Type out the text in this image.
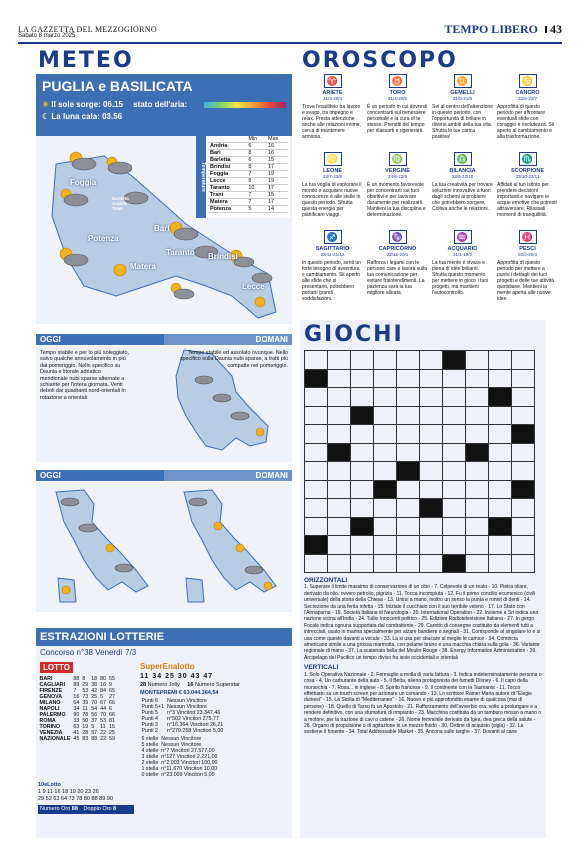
LA GAZZETTA DEL MEZZOGIORNO
Sabato 8 marzo 2025	TEMPO LIBERO 43
METEO
PUGLIA e BASILICATA
☀ Il sole sorge: 06.15 stato dell'aria:
☾ La luna cala: 03.56
Foggia
Barletta Andria Trani
Bari
Potenza
Matera
Taranto Brindisi
Lecce
Temperature
	Min	Max
Andria	6	16
Bari	8	16
Barletta	6	15
Brindisi	8	17
Foggia	7	19
Lecce	8	19
Taranto	10	17
Trani	7	15
Matera	7	17
Potenza	5	14
OGGI	DOMANI
Tempo stabile e per lo più soleggiato, salvo qualche annuvolamento in più dal pomeriggio. Nello specifico su Daunia e litorale adriatico meridionale nubi sparse alternate a schiarite per l'intera giornata. Venti deboli dai quadranti nord-orientali in rotazione a orientali
Tempo stabile ed assolato ovunque. Nello specifico sulla Daunia nubi sparse, a tratti più compatte nel pomeriggio.
OGGI	DOMANI
ESTRAZIONI LOTTERIE
Concorso n°38 Venerdì 7/3
LOTTO
BARI	88	8	18	80	55
CAGLIARI	89	29	38	16	9
FIRENZE	7	53	42	84	65
GENOVA	16	73	25	5	27
MILANO	64	39	70	67	66
NAPOLI	34	11	54	44	6
PALERMO	90	78	56	70	66
ROMA	33	50	37	53	81
TORINO	63	19	5	11	15
VENEZIA	41	28	57	22	25
NAZIONALE	45	83	88	22	59
10eLotto
1 9 11 16 18 19 20 23 26
29 52 63 64 73 78 80 88 89 90
Numero Oro 88 Doppio Oro 8
SuperEnalotto
11 34 25 30 43 47
28 Numero Jolly 16 Numero Superstar
MONTEPREMI € 63.044.364,54
Punti 6	Nessun Vincitore
Punti 5+1	Nessun Vincitore
Punti 5	n°3 Vincitori 23.347,46
Punti 4	n°502 Vincitori 275,77
Punti 3	n°16.364 Vincitori 26,21
Punti 2	n°279.258 Vincitori 5,00
6 stelle	Nessun Vincitore
5 stelle	Nessun Vincitore
4 stelle	n°7 Vincitori 27.577,00
3 stelle	n°127 Vincitori 2.221,00
2 stelle	n°2.003 Vincitori 100,00
1 stella	n°11.670 Vincitori 10,00
0 stelle	n°23.009 Vincitori 5,00
OROSCOPO
♈
ARIETE
21/3-20/4
Trova l'equilibrio tra lavoro e svago, tra impegno e relax. Presta attenzione anche alle relazioni intime, cerca di mantenere armonia.
♉
TORO
21/4-20/5
È un periodo in cui dovresti concentrarti sul benessere personale e la cura di te stesso. Prenditi del tempo per rilassarti e rigenerarti.
♊
GEMELLI
21/5-21/6
Sei al centro dell'attenzione in questo periodo, con l'opportunità di brillare in diversi ambiti della tua vita. Sfrutta le tue carica positiva!
♋
CANCRO
22/6-22/7
Approfitta di questo periodo per affrontare eventuali sfide con coraggio e risolutezza. Sii aperto al cambiamento e alla trasformazione.
♌
LEONE
23/7-23/8
La tua voglia di esplorare il mondo e acquisire nuove conoscenze è alle stelle in questo periodo. Sfrutta questa energia per pianificare viaggi.
♍
VERGINE
24/8-22/9
È un momento favorevole per concentrarti sui tuoi obiettivi e per lavorare duramente per realizzarli. Mantieni la tua disciplina e determinazione.
♎
BILANCIA
23/9-22/10
La tua creatività per trovare soluzioni innovative a fuori dagli schemi ai problemi che potrebbero sorgere. Coltiva anche le relazioni.
♏
SCORPIONE
23/10-22/11
Affidati al tuo istinto per prendere decisioni importanti e navigare le acque emotive che potresti attraversare. Rilassati momenti di tranquillità.
♐
SAGITTARIO
23/11-21/12
In questo periodo, senti un forte bisogno di avventura e cambiamento. Sii aperto alle sfide che si presentano, potrebbero portarti grandi soddisfazioni.
♑
CAPRICORNO
22/12-20/1
Rafforza i legami con le persone care e lavora sulla tua comunicazione per evitare fraintendimenti. La pazienza sarà la tua migliore alleata.
♒
ACQUARIO
21/1-19/2
La tua mente è vivace e piena di idee brillanti. Sfrutta questo momento per mettere in gioco i tuoi progetti, ma mantieni l'autocontrollo.
♓
PESCI
20/2-20/3
Approfitta di questo periodo per mettere a punto i dettagli dei tuoi progetti e delle tue attività quotidiane. Mantieni la mente aperta alle nuove idee.
GIOCHI
ORIZZONTALI
1. Superare il limite massimo di conservazione di un cibo - 7. Colpevole di un reato - 10. Pietra oliare, derivato da olio, ovvero petrolio, pigrizia - 11. Tocca incompiuta - 12. Fu il primo concilio ecumenico (civili universale) della storia della Chiesa - 13. Unirsi a mano, inoltro un senso la punta e ronnit di denti - 14. Secrezione da una ferita infetta - 15. Iniziale il cucchiaio con il suo terribile veleno - 17. Lo Stato con l'Annapurna - 19. Società Italiana di Neurologia - 20. International Operation - 22. Insieme a Sri indica una nazione vicina all'India - 24. Tullio Innocenti politico - 25. Edizioni Radiotelevisione Italiana - 27. In gergo Focale indica ognuna supportata dal combattente - 29. Caretto di consegne costituito da elementi tutti a intrecciati, usato in marina specialmente per alzare bandiere o segnali - 31. Corrisponde al singolare lo e si usa come questo davanti a vocale - 33. La si usa per sbucare al meglio le camice - 34. Comincia americano simile a una grossa marmotta, con pelame bruno e una macchia chiara sulla gola - 36. Variante regionale di mano - 37. La scatenata bella del Moulin Rouge - 38. Energy Information Administration - 39. Arcipelago del Pacifico un tempo diviso fra isole occidentali e orientali
VERTICALI
1. Solo Operativa Nazionale - 2. Fermaglio a molla di varia fattura - 3. Indica indeterminatamente persona o cosa - 4. Un carburante della auto - 5. Il Betta, aliena protagonista dei fumetti Disney - 6. Il capo della monarchia - 7. Rosa... in inglese - 8. Spirito francese - 9. Il continente con la Tasmania - 11. Tocco effettuato su un touch screen per azionare un comando - 13. Lo scrittore Rainer Maria autore di "Elegie duinesi" - 15. La Sicilia di "Mediterraneo" - 16. Nuovo e più approfondito esame di qualcosa (mai di persone) - 18. Quello di Tarso fu un Apostolo - 21. Rafforzamento dell'avverbio ora, volto a prolungare e a rendere definitivo, con una sfumatura di rimpianto - 23. Macchina costituita da un tamburo mosso a mano o a motore, per la trazione di cavi o catene - 26. Nome femminile derivato da Igea, dea greca della salute - 28. Organo di propulsione o di agitazione in un mezzo fluido - 30. Ordine di acquisto (sigla) - 32. La sostiene il fonente - 34. Total Addressable Market - 35. Ancona sulle targhe - 37. Dovanti al cane
